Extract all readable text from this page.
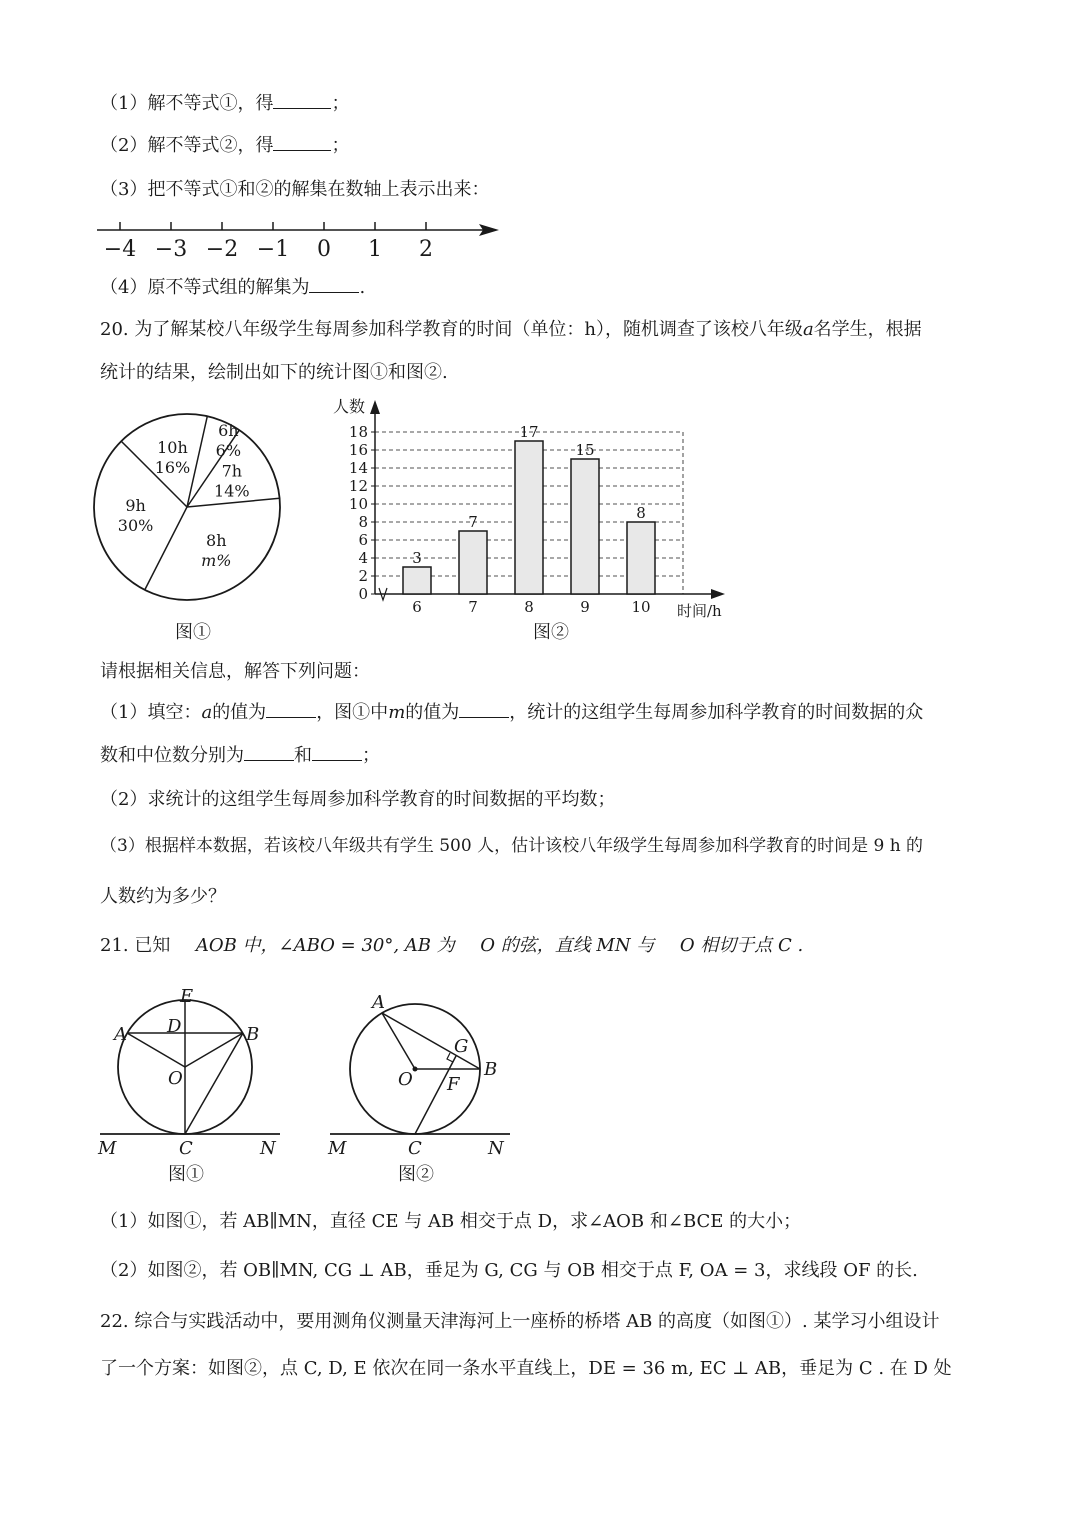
（1）解不等式①，得	；
（2）解不等式②，得	；
（3）把不等式①和②的解集在数轴上表示出来：
−4 −3 −2 −1 0 1 2
（4）原不等式组的解集为	.
20. 为了解某校八年级学生每周参加科学教育的时间（单位：h），随机调查了该校八年级a名学生，根据
统计的结果，绘制出如下的统计图①和图②.
6h
6%
7h
14%
8h
m%
9h
30%
10h
16%
图①
0
2
4
6
8
10
12
14
16
18
人数
时间/h
3
6
7
7
17
8
15
9
8
10
图②
请根据相关信息，解答下列问题：
（1）填空：a的值为	，图①中m的值为	，统计的这组学生每周参加科学教育的时间数据的众
数和中位数分别为	和	；
（2）求统计的这组学生每周参加科学教育的时间数据的平均数；
（3）根据样本数据，若该校八年级共有学生 500 人，估计该校八年级学生每周参加科学教育的时间是 9 h 的
人数约为多少？
21. 已知 AOB 中，∠ABO = 30°, AB 为 O 的弦，直线 MN 与 O 相切于点 C .
E
D
A	B
O
M	C	N
图①
A
G
O	B
F
M	C	N
图②
（1）如图①，若 AB∥MN，直径 CE 与 AB 相交于点 D，求∠AOB 和∠BCE 的大小；
（2）如图②，若 OB∥MN, CG ⊥ AB，垂足为 G, CG 与 OB 相交于点 F, OA = 3，求线段 OF 的长.
22. 综合与实践活动中，要用测角仪测量天津海河上一座桥的桥塔 AB 的高度（如图①）. 某学习小组设计
了一个方案：如图②，点 C, D, E 依次在同一条水平直线上，DE = 36 m, EC ⊥ AB，垂足为 C . 在 D 处
